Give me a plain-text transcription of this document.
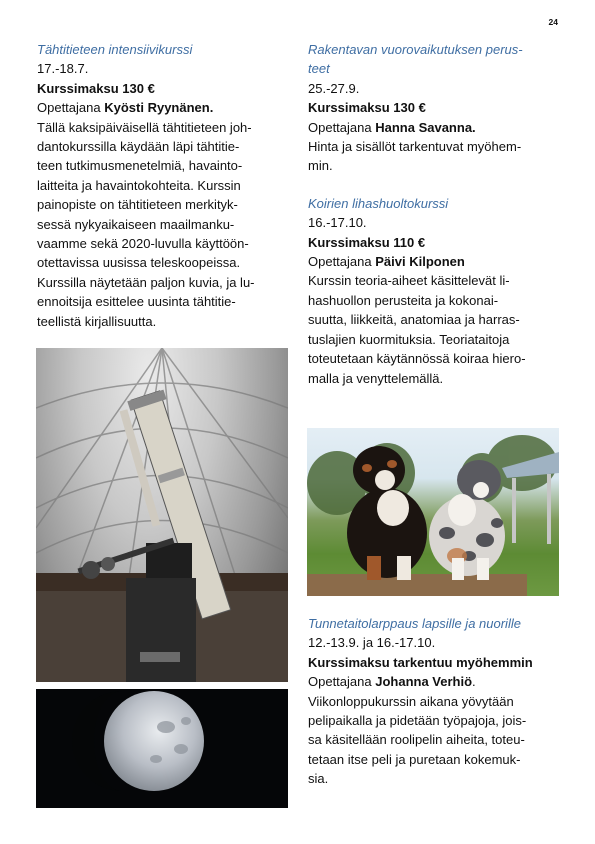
24
Tähtitieteen intensiivikurssi
17.-18.7.
Kurssimaksu 130 €
Opettajana Kyösti Ryynänen.
Tällä kaksipäiväisellä tähtitieteen joh-
dantokurssilla käydään läpi tähtitie-
teen tutkimusmenetelmiä, havainto-
laitteita ja havaintokohteita. Kurssin
painopiste on tähtitieteen merkityk-
sessä nykyaikaiseen maailmanku-
vaamme sekä 2020-luvulla käyttöön-
otettavissa uusissa teleskoopeissa.
Kurssilla näytetään paljon kuvia, ja lu-
ennoitsija esittelee uusinta tähtitie-
teellistä kirjallisuutta.
Rakentavan vuorovaikutuksen perus-
teet
25.-27.9.
Kurssimaksu 130 €
Opettajana Hanna Savanna.
Hinta ja sisällöt tarkentuvat myöhem-
min.
Koirien lihashuoltokurssi
16.-17.10.
Kurssimaksu 110 €
Opettajana Päivi Kilponen
Kurssin teoria-aiheet käsittelevät li-
hashuollon perusteita ja kokonai-
suutta, liikkeitä, anatomiaa ja harras-
tuslajien kuormituksia. Teoriataitoja
toteutetaan käytännössä koiraa hiero-
malla ja venyttelemällä.
Tunnetaitolarppaus lapsille ja nuorille
12.-13.9. ja 16.-17.10.
Kurssimaksu tarkentuu myöhemmin
Opettajana Johanna Verhiö.
Viikonloppukurssin aikana yövytään
pelipaikalla ja pidetään työpajoja, jois-
sa käsitellään roolipelin aiheita, toteu-
tetaan itse peli ja puretaan kokemuk-
sia.
